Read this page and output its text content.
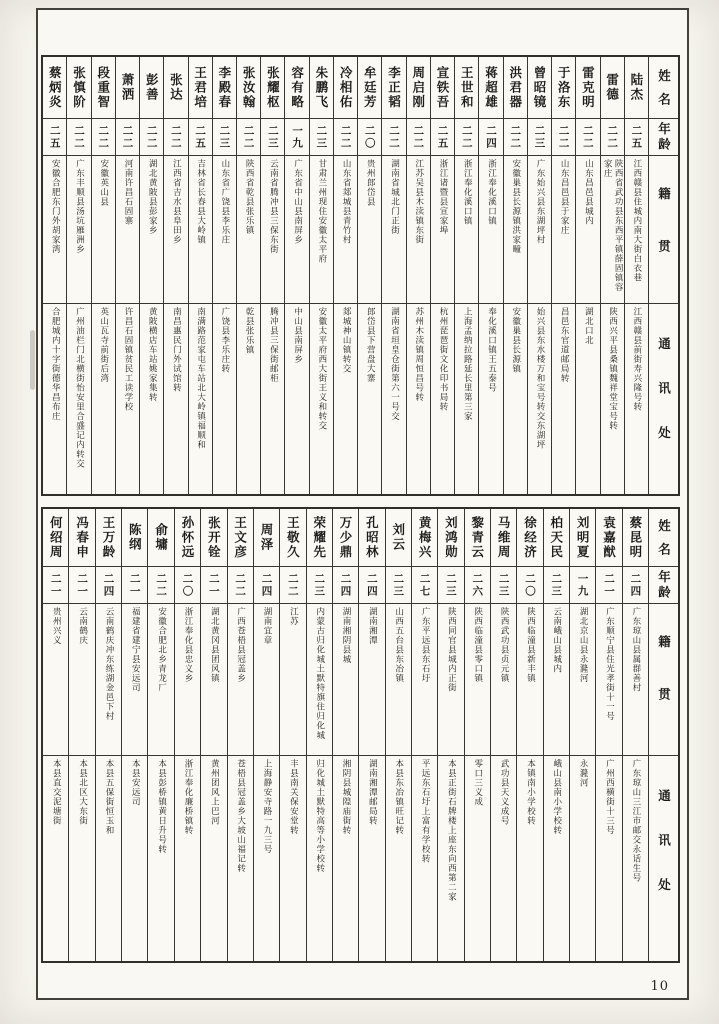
姓名
年龄
籍贯
通讯处
陆杰
二五
江西赣县住城内南大街白衣巷
江西赣县前街寿兴隆号转
雷德
二二
陕西省武功县东西平镇薛固镇容家庄
陕西兴平县桑镇魏祥堂宝号转
雷克明
二二
山东昌邑县城内
湖北口北
于洛东
二二
山东昌邑县于家庄
昌邑东官道邮局转
曾昭镜
二三
广东始兴县东湖坪村
始兴县东水楼万和宝号转交东湖坪
洪君器
二二
安徽巢县长源镇洪家疃
安徽巢县长源镇
蒋超雄
二四
浙江奉化溪口镇
奉化溪口镇王五泰号
王世和
二二
浙江奉化溪口镇
上海孟纳拉路延长里第三家
宣铁吾
二五
浙江诸暨县宣家埠
杭州琵琶街文化印书局转
周启刚
二二
江苏吴县木渎镇东街
苏州木渎镇周恒昌号转
李正韬
二二
湖南省城北门正街
湖南省垣皇仓街第六一号交
牟廷芳
二〇
贵州郎岱县
郎岱县下营盘大寨
冷相佑
二二
山东省郯城县青竹村
郯城神山镇转交
朱鹏飞
二三
甘肃兰州现住安徽太平府
安徽太平府西大街王义和转交
容有略
一九
广东省中山县南屏乡
中山县南屏乡
张耀枢
二三
云南省腾冲县三保东街
腾冲县三保街邮柜
张汝翰
二二
陕西省乾县张乐镇
乾县张乐镇
李殿春
二三
山东省广饶县李乐庄
广饶县李乐庄转
王君培
二五
吉林省长春县大岭镇
南满路范家屯车站北大岭镇福顺和
张达
二二
江西省吉水县阜田乡
南昌惠民门外试馆转
彭善
二二
湖北黄陂县彭家乡
黄陂横店车站姚家集转
萧洒
二二
河南许昌石固寨
许昌石固镇贫民工读学校
段重智
二二
安徽英山县
英山瓦寺前街后湾
张慎阶
二二
广东丰顺县汤坑雁洲乡
广州油栏门北横街怡安里合盛记内转交
蔡炳炎
二五
安徽合肥东门外胡家湾
合肥城内十字街德华昌布庄
姓名
年龄
籍贯
通讯处
蔡昆明
二四
广东琼山县属群善村
广东琼山三江市邮交永话生号
袁嘉猷
二一
广东顺宁县住光孝街十一号
广州西横街十三号
刘明夏
一九
湖北京山县永漋河
永漋河
柏天民
二三
云南峨山县城内
峨山县南小学校转
徐经济
二〇
陕西临潼县新丰镇
本镇南小学校转
马维周
二三
陕西武功县贞元镇
武功县天义成号
黎青云
二六
陕西临潼县零口镇
零口三义成
刘鸿勋
二三
陕西同官县城内正街
本县正街石牌楼上座东向西第二家
黄梅兴
二七
广东平远县东石圩
平远东石圩上富有学校转
刘云
二三
山西五台县东冶镇
本县东冶镇旺记转
孔昭林
二四
湖南湘潭
湖南湘潭邮局转
万少鼎
二四
湖南湘阴县城
湘阴县城隍庙街转
荣耀先
二三
内蒙古归化城土默特旗住归化城
归化城土默特高等小学校转
王敬久
二二
江苏
丰县南关保安堂转
周泽
二四
湖南宜章
上海静安寺路一九三号
王文彦
二二
广西苍梧县冠盖乡
苍梧县冠盖乡大坡山福记转
张开铨
二一
湖北黄冈县团风镇
黄州团风上巴河
孙怀远
二〇
浙江奉化县忠义乡
浙江奉化廉桥镇转
俞墉
二二
安徽合肥北乡青龙厂
本县彭桥镇黄日升号转
陈纲
二一
福建省建宁县安远司
本县安远司
王万龄
二四
云南鹤庆冲东练湖金邑下村
本县五保街恒玉和
冯春申
二一
云南鹤庆
本县北区大东街
何绍周
二一
贵州兴义
本县直交泥塘街
10
